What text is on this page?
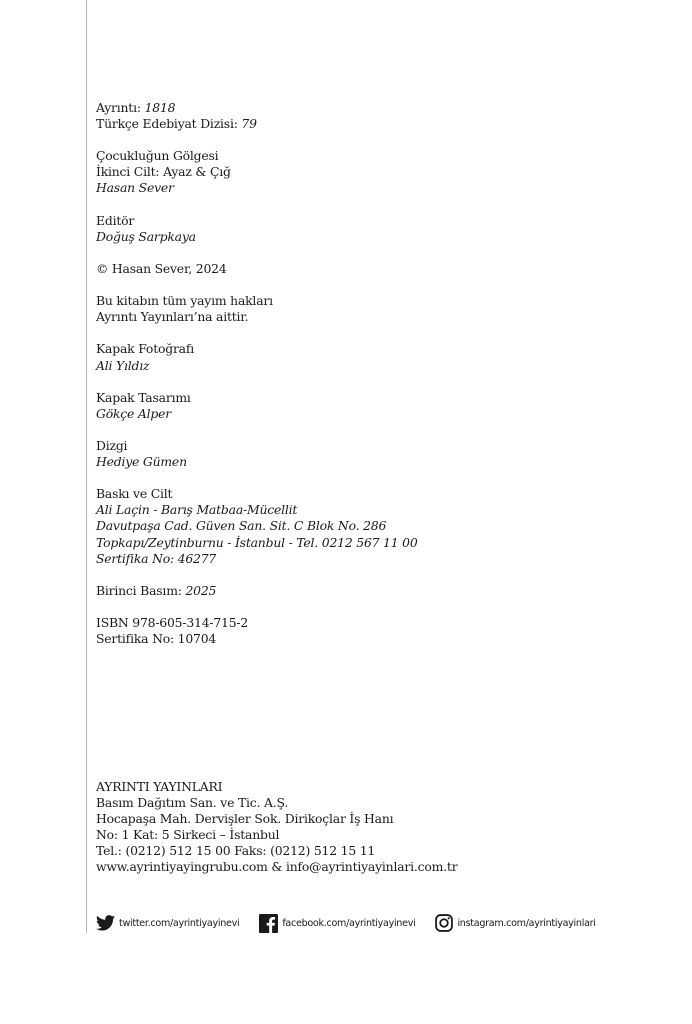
Ayrıntı: 1818
Türkçe Edebiyat Dizisi: 79
Çocukluğun Gölgesi
İkinci Cilt: Ayaz & Çığ
Hasan Sever
Editör
Doğuş Sarpkaya
© Hasan Sever, 2024
Bu kitabın tüm yayım hakları
Ayrıntı Yayınları’na aittir.
Kapak Fotoğrafı
Ali Yıldız
Kapak Tasarımı
Gökçe Alper
Dizgi
Hediye Gümen
Baskı ve Cilt
Ali Laçin - Barış Matbaa-Mücellit
Davutpaşa Cad. Güven San. Sit. C Blok No. 286
Topkapı/Zeytinburnu - İstanbul - Tel. 0212 567 11 00
Sertifika No: 46277
Birinci Basım: 2025
ISBN 978-605-314-715-2
Sertifika No: 10704
AYRINTI YAYINLARI
Basım Dağıtım San. ve Tic. A.Ş.
Hocapaşa Mah. Dervişler Sok. Dirikoçlar İş Hanı
No: 1 Kat: 5 Sirkeci – İstanbul
Tel.: (0212) 512 15 00 Faks: (0212) 512 15 11
www.ayrintiyayingrubu.com & info@ayrintiyayinlari.com.tr
twitter.com/ayrintiyayinevi	facebook.com/ayrintiyayinevi	instagram.com/ayrintiyayinlari
